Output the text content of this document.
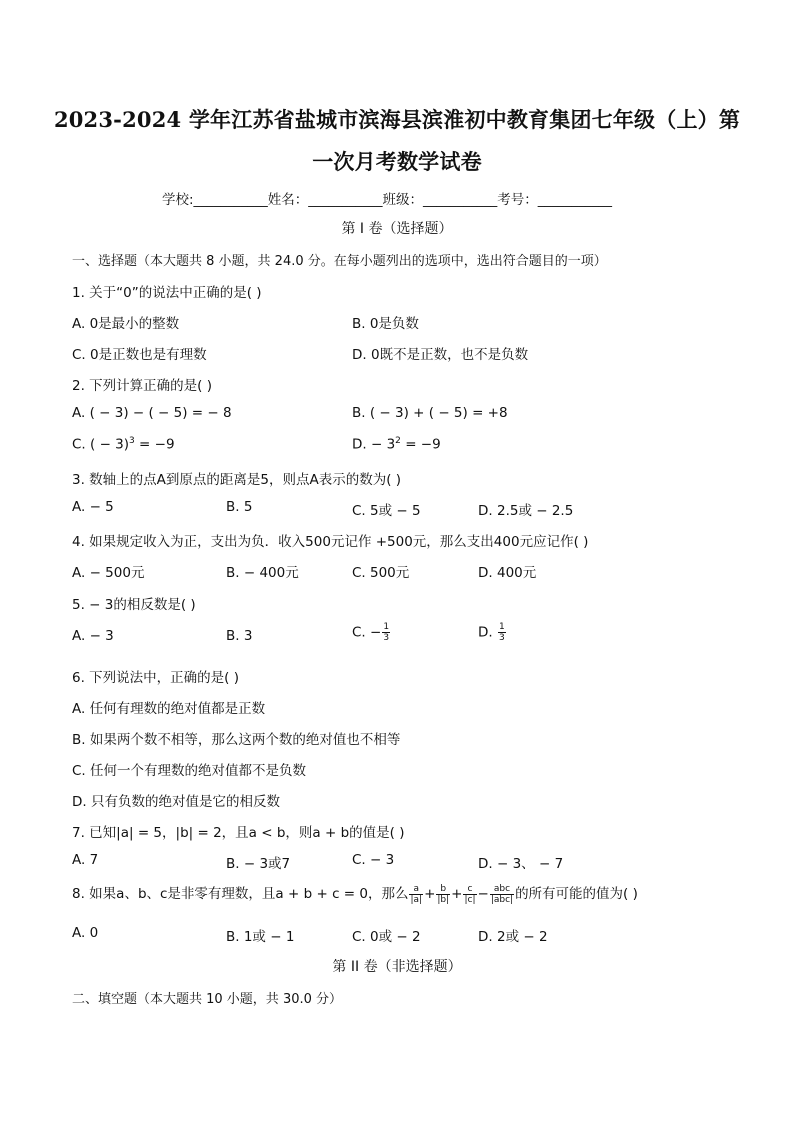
2023-2024 学年江苏省盐城市滨海县滨淮初中教育集团七年级（上）第
一次月考数学试卷
学校:___________姓名：___________班级：___________考号：___________
第 I 卷（选择题）
一、选择题（本大题共 8 小题，共 24.0 分。在每小题列出的选项中，选出符合题目的一项）
1. 关于“0”的说法中正确的是( )
A. 0是最小的整数	B. 0是负数
C. 0是正数也是有理数	D. 0既不是正数，也不是负数
2. 下列计算正确的是( )
A. ( − 3) − ( − 5) = − 8	B. ( − 3) + ( − 5) = +8
C. ( − 3)$^3$ = −9	D. − $3^2 = -9$
3. 数轴上的点A到原点的距离是5，则点A表示的数为( )
A. − 5	B. 5	C. 5或 − 5	D. 2.5或 − 2.5
4. 如果规定收入为正，支出为负．收入500元记作 +500元，那么支出400元应记作( )
A. − 500元	B. − 400元	C. 500元	D. 400元
5. − 3的相反数是( )
A. − 3	B. 3	C. − $\frac{1}{3}$	D. $\frac{1}{3}$
6. 下列说法中，正确的是( )
A. 任何有理数的绝对值都是正数
B. 如果两个数不相等，那么这两个数的绝对值也不相等
C. 任何一个有理数的绝对值都不是负数
D. 只有负数的绝对值是它的相反数
7. 已知|a| = 5，|b| = 2，且a < b，则a + b的值是( )
A. 7	B. − 3或7	C. − 3	D. − 3、 − 7
8. 如果a、b、c是非零有理数，且a + b + c = 0，那么 $\frac{a}{|a|} + \frac{b}{|b|} + \frac{c}{|c|} - \frac{\text{abc}}{\text{|abc|}}$ 的所有可能的值为( )
A. 0	B. 1或 − 1	C. 0或 − 2	D. 2或 − 2
第 II 卷（非选择题）
二、填空题（本大题共 10 小题，共 30.0 分）
